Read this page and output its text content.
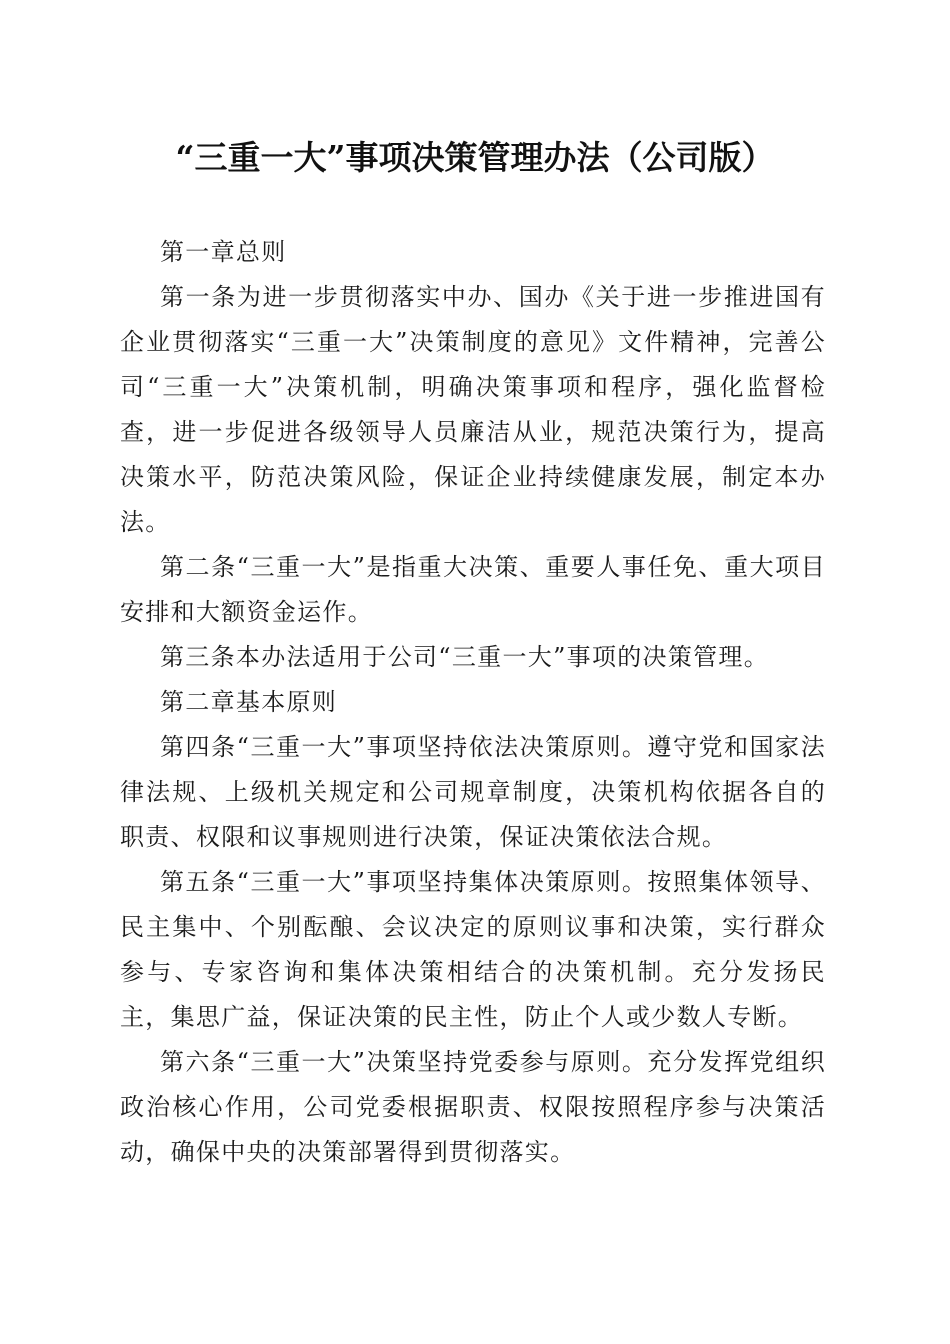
“三重一大”事项决策管理办法（公司版）

第一章总则

第一条为进一步贯彻落实中办、国办《关于进一步推进国有企业贯彻落实“三重一大”决策制度的意见》文件精神，完善公司“三重一大”决策机制，明确决策事项和程序，强化监督检查，进一步促进各级领导人员廉洁从业，规范决策行为，提高决策水平，防范决策风险，保证企业持续健康发展，制定本办法。

第二条“三重一大”是指重大决策、重要人事任免、重大项目安排和大额资金运作。

第三条本办法适用于公司“三重一大”事项的决策管理。

第二章基本原则

第四条“三重一大”事项坚持依法决策原则。遵守党和国家法律法规、上级机关规定和公司规章制度，决策机构依据各自的职责、权限和议事规则进行决策，保证决策依法合规。

第五条“三重一大”事项坚持集体决策原则。按照集体领导、民主集中、个别酝酿、会议决定的原则议事和决策，实行群众参与、专家咨询和集体决策相结合的决策机制。充分发扬民主，集思广益，保证决策的民主性，防止个人或少数人专断。

第六条“三重一大”决策坚持党委参与原则。充分发挥党组织政治核心作用，公司党委根据职责、权限按照程序参与决策活动，确保中央的决策部署得到贯彻落实。
